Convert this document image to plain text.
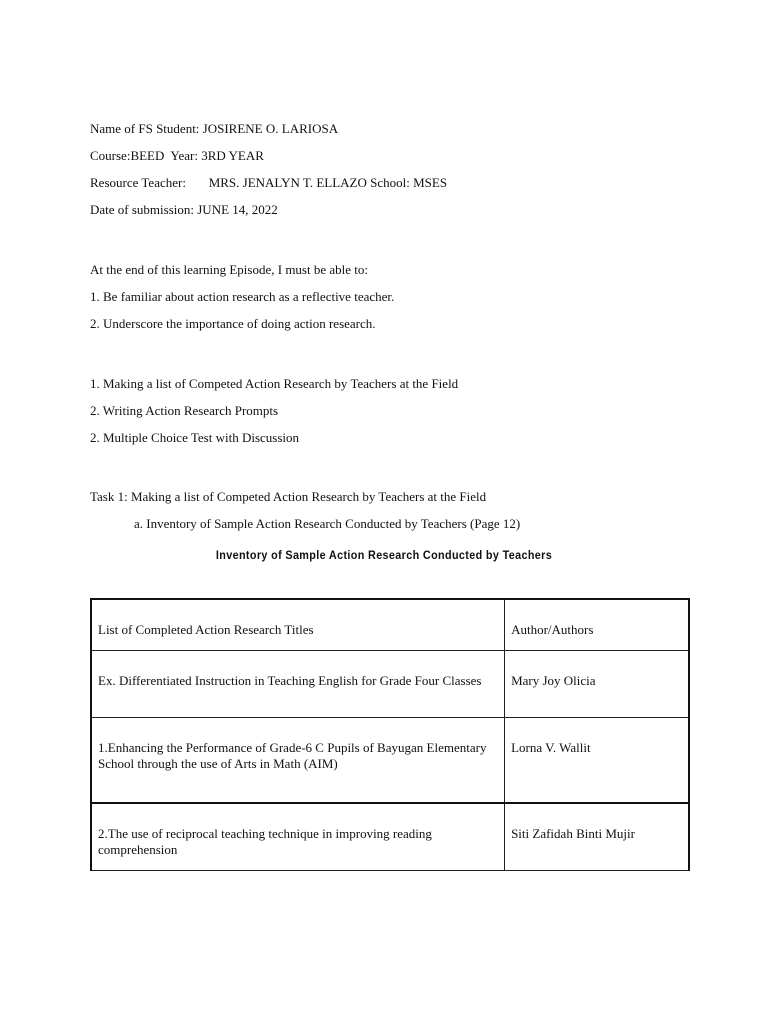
Name of FS Student: JOSIRENE O. LARIOSA
Course:BEED  Year: 3RD YEAR
Resource Teacher:       MRS. JENALYN T. ELLAZO School: MSES
Date of submission: JUNE 14, 2022
At the end of this learning Episode, I must be able to:
1. Be familiar about action research as a reflective teacher.
2. Underscore the importance of doing action research.
1. Making a list of Competed Action Research by Teachers at the Field
2. Writing Action Research Prompts
2. Multiple Choice Test with Discussion
Task 1: Making a list of Competed Action Research by Teachers at the Field
a. Inventory of Sample Action Research Conducted by Teachers (Page 12)
Inventory of Sample Action Research Conducted by Teachers
List of Completed Action Research Titles	Author/Authors
Ex. Differentiated Instruction in Teaching English for Grade Four Classes	Mary Joy Olicia
1.Enhancing the Performance of Grade-6 C Pupils of Bayugan Elementary School through the use of Arts in Math (AIM)	Lorna V. Wallit
2.The use of reciprocal teaching technique in improving reading comprehension	Siti Zafidah Binti Mujir
